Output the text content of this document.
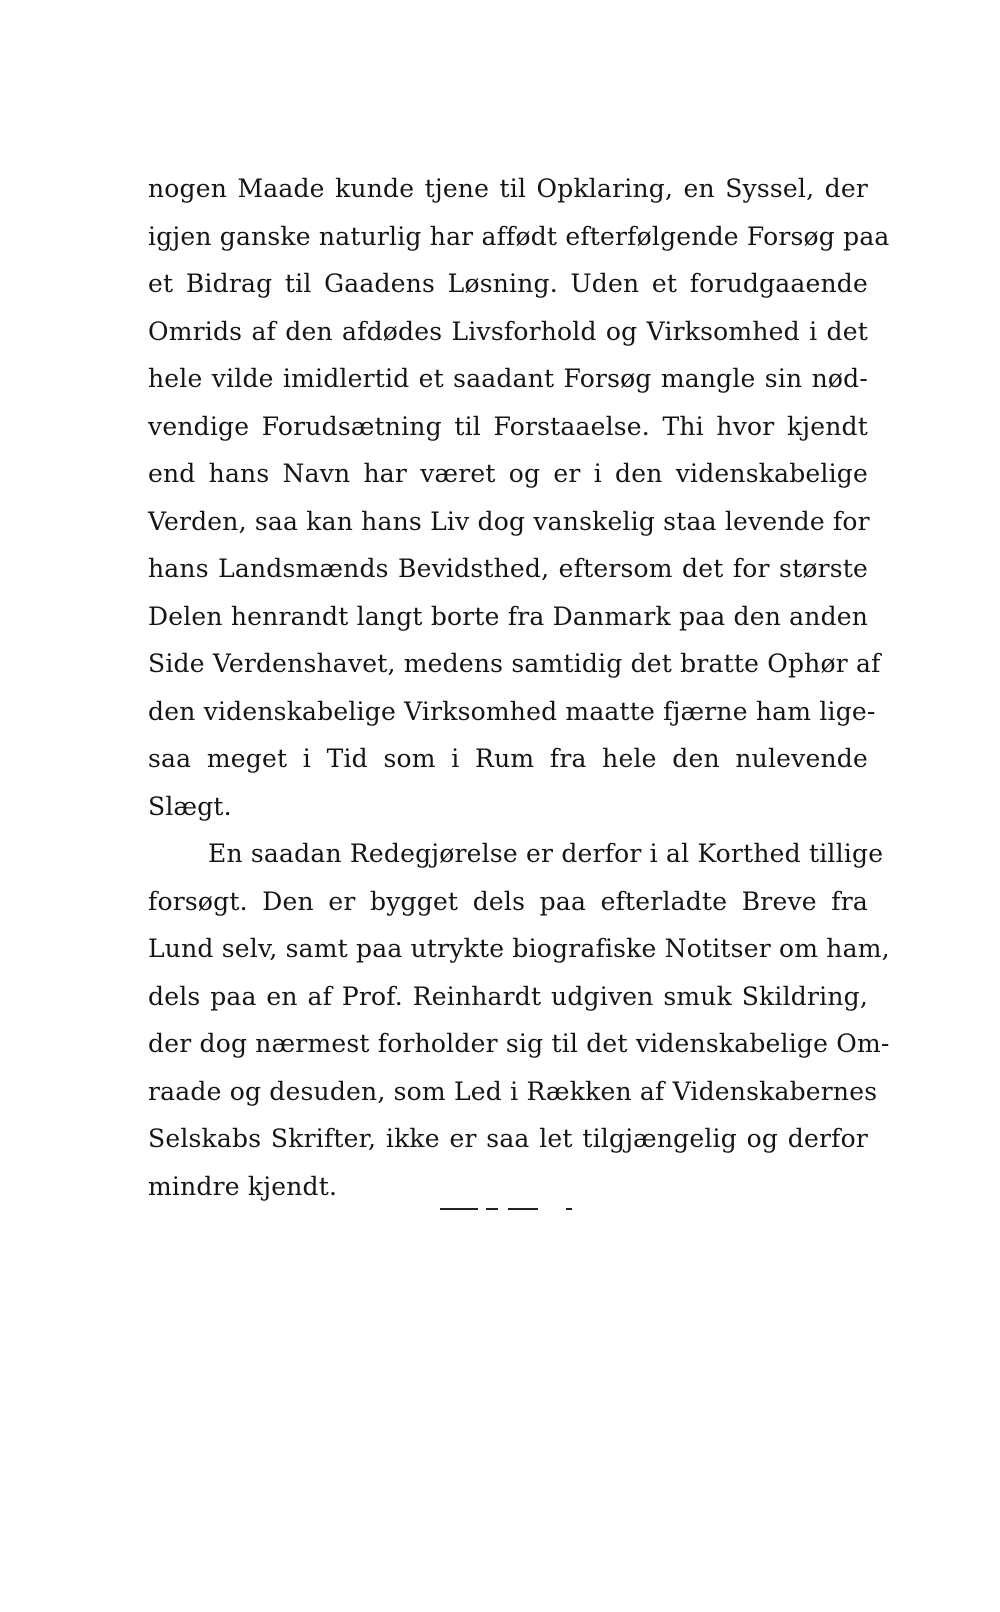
nogen Maade kunde tjene til Opklaring, en Syssel, der
igjen ganske naturlig har affødt efterfølgende Forsøg paa
et Bidrag til Gaadens Løsning. Uden et forudgaaende
Omrids af den afdødes Livsforhold og Virksomhed i det
hele vilde imidlertid et saadant Forsøg mangle sin nød-
vendige Forudsætning til Forstaaelse. Thi hvor kjendt
end hans Navn har været og er i den videnskabelige
Verden, saa kan hans Liv dog vanskelig staa levende for
hans Landsmænds Bevidsthed, eftersom det for største
Delen henrandt langt borte fra Danmark paa den anden
Side Verdenshavet, medens samtidig det bratte Ophør af
den videnskabelige Virksomhed maatte fjærne ham lige-
saa meget i Tid som i Rum fra hele den nulevende
Slægt.
En saadan Redegjørelse er derfor i al Korthed tillige
forsøgt. Den er bygget dels paa efterladte Breve fra
Lund selv, samt paa utrykte biografiske Notitser om ham,
dels paa en af Prof. Reinhardt udgiven smuk Skildring,
der dog nærmest forholder sig til det videnskabelige Om-
raade og desuden, som Led i Rækken af Videnskabernes
Selskabs Skrifter, ikke er saa let tilgjængelig og derfor
mindre kjendt.
